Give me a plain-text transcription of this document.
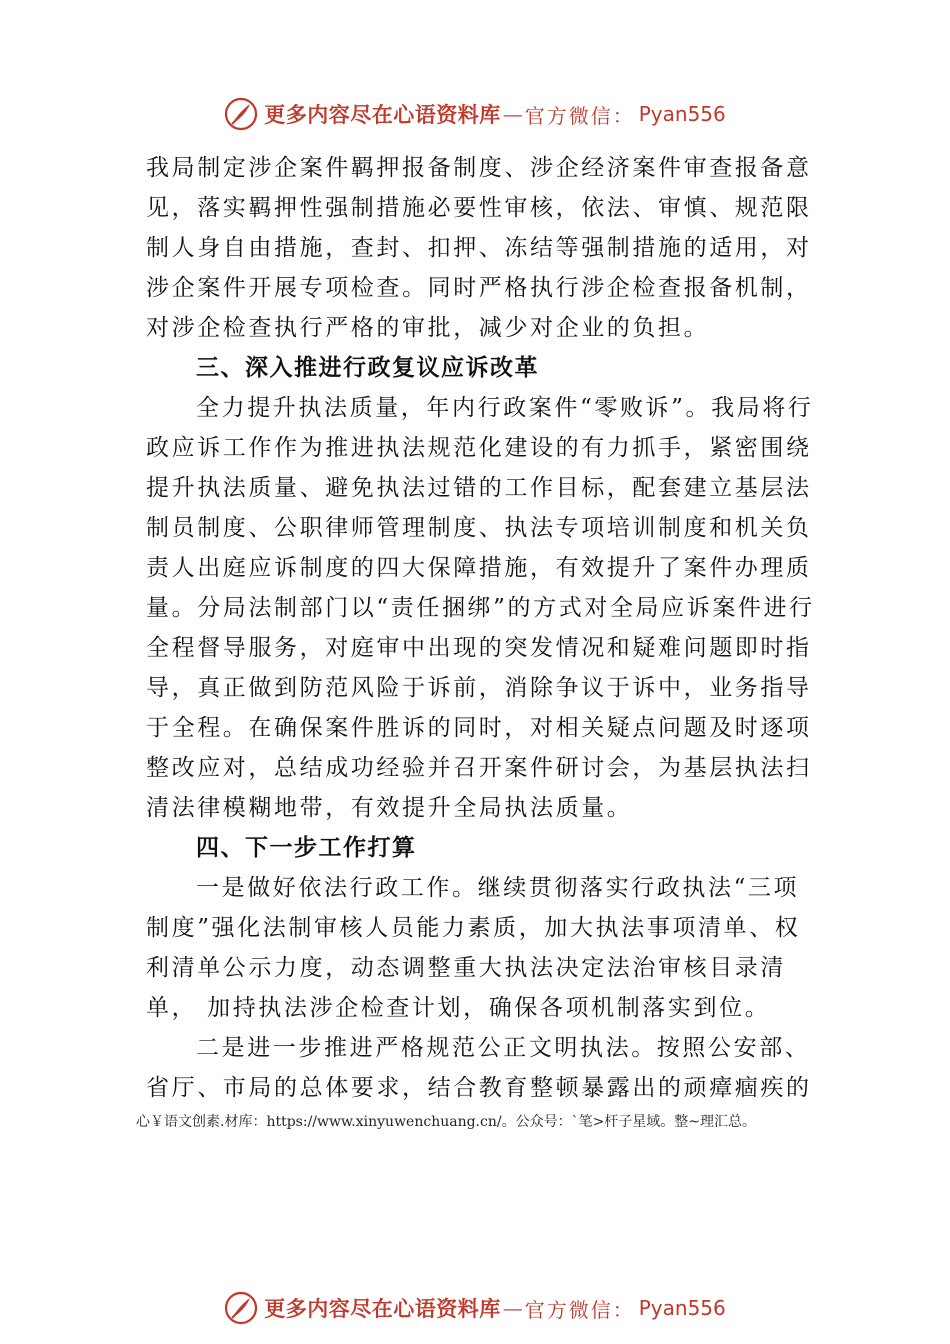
更多内容尽在心语资料库 — 官方微信： Pyan556

我局制定涉企案件羁押报备制度、涉企经济案件审查报备意见，落实羁押性强制措施必要性审核，依法、审慎、规范限制人身自由措施，查封、扣押、冻结等强制措施的适用，对涉企案件开展专项检查。同时严格执行涉企检查报备机制， 对涉企检查执行严格的审批，减少对企业的负担。

三、深入推进行政复议应诉改革

全力提升执法质量，年内行政案件“零败诉”。我局将行政应诉工作作为推进执法规范化建设的有力抓手，紧密围绕提升执法质量、避免执法过错的工作目标，配套建立基层法制员制度、公职律师管理制度、执法专项培训制度和机关负责人出庭应诉制度的四大保障措施，有效提升了案件办理质量。分局法制部门以“责任捆绑”的方式对全局应诉案件进行全程督导服务，对庭审中出现的突发情况和疑难问题即时指导，真正做到防范风险于诉前，消除争议于诉中，业务指导于全程。在确保案件胜诉的同时，对相关疑点问题及时逐项整改应对，总结成功经验并召开案件研讨会，为基层执法扫清法律模糊地带，有效提升全局执法质量。

四、下一步工作打算

一是做好依法行政工作。继续贯彻落实行政执法“三项制度”强化法制审核人员能力素质，加大执法事项清单、权 利清单公示力度，动态调整重大执法决定法治审核目录清单， 加持执法涉企检查计划，确保各项机制落实到位。

二是进一步推进严格规范公正文明执法。按照公安部、省厅、市局的总体要求，结合教育整顿暴露出的顽瘴痼疾的

心￥语文创素.材库：https://www.xinyuwenchuang.cn/。公众号：`笔>杆子星域。整~理汇总。
更多内容尽在心语资料库 — 官方微信： Pyan556
